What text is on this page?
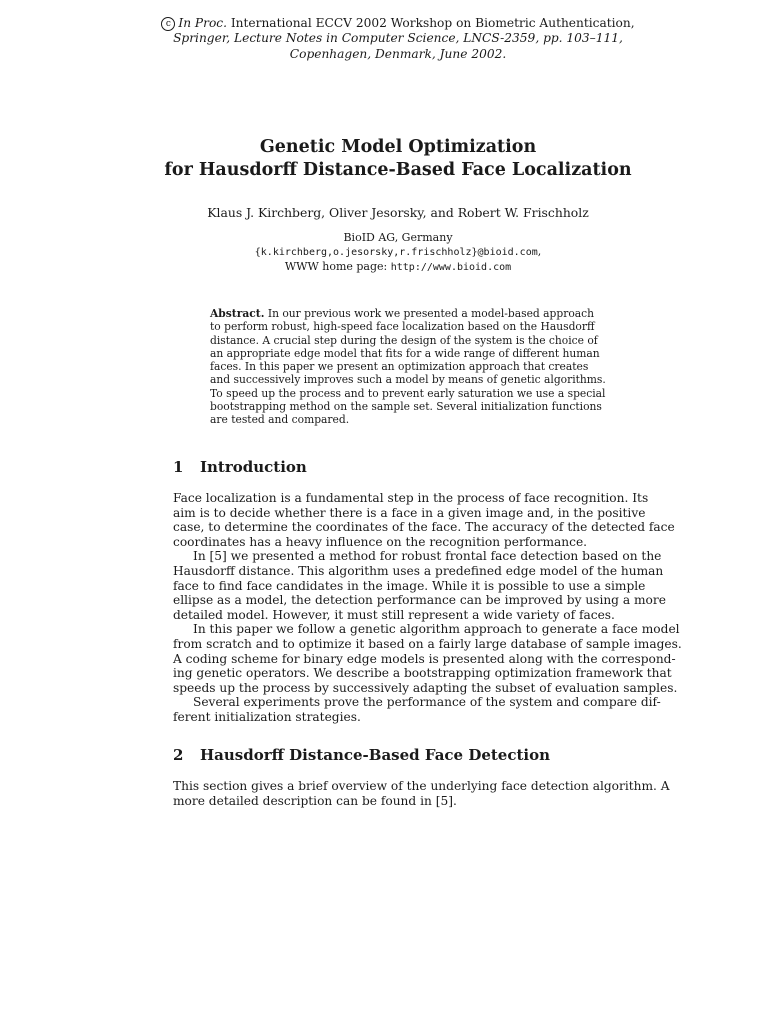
c In Proc. International ECCV 2002 Workshop on Biometric Authentication,
Springer, Lecture Notes in Computer Science, LNCS-2359, pp. 103–111,
Copenhagen, Denmark, June 2002.
Genetic Model Optimization
for Hausdorff Distance-Based Face Localization
Klaus J. Kirchberg, Oliver Jesorsky, and Robert W. Frischholz
BioID AG, Germany
{k.kirchberg,o.jesorsky,r.frischholz}@bioid.com,
WWW home page: http://www.bioid.com
Abstract. In our previous work we presented a model-based approach
to perform robust, high-speed face localization based on the Hausdorff
distance. A crucial step during the design of the system is the choice of
an appropriate edge model that fits for a wide range of different human
faces. In this paper we present an optimization approach that creates
and successively improves such a model by means of genetic algorithms.
To speed up the process and to prevent early saturation we use a special
bootstrapping method on the sample set. Several initialization functions
are tested and compared.
1 Introduction
Face localization is a fundamental step in the process of face recognition. Its
aim is to decide whether there is a face in a given image and, in the positive
case, to determine the coordinates of the face. The accuracy of the detected face
coordinates has a heavy influence on the recognition performance.
In [5] we presented a method for robust frontal face detection based on the
Hausdorff distance. This algorithm uses a predefined edge model of the human
face to find face candidates in the image. While it is possible to use a simple
ellipse as a model, the detection performance can be improved by using a more
detailed model. However, it must still represent a wide variety of faces.
In this paper we follow a genetic algorithm approach to generate a face model
from scratch and to optimize it based on a fairly large database of sample images.
A coding scheme for binary edge models is presented along with the correspond-
ing genetic operators. We describe a bootstrapping optimization framework that
speeds up the process by successively adapting the subset of evaluation samples.
Several experiments prove the performance of the system and compare dif-
ferent initialization strategies.
2 Hausdorff Distance-Based Face Detection
This section gives a brief overview of the underlying face detection algorithm. A
more detailed description can be found in [5].
